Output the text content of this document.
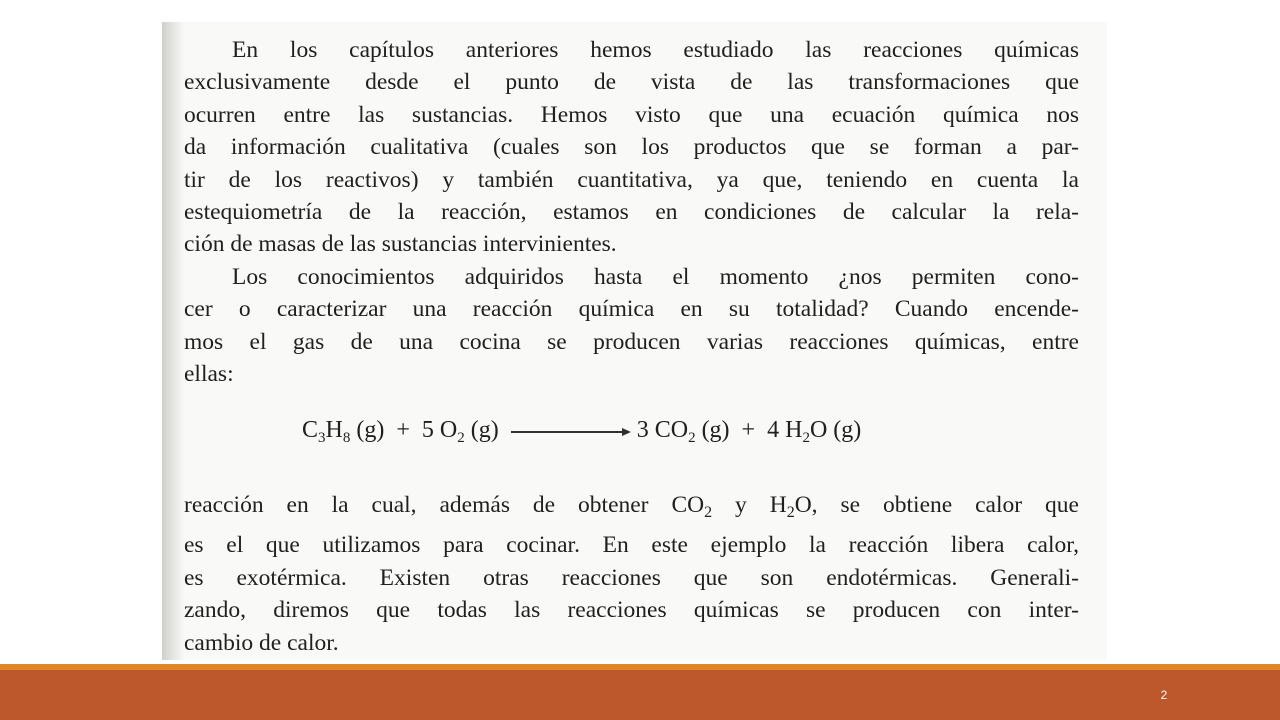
En los capítulos anteriores hemos estudiado las reacciones químicas
exclusivamente desde el punto de vista de las transformaciones que
ocurren entre las sustancias. Hemos visto que una ecuación química nos
da información cualitativa (cuales son los productos que se forman a par-
tir de los reactivos) y también cuantitativa, ya que, teniendo en cuenta la
estequiometría de la reacción, estamos en condiciones de calcular la rela-
ción de masas de las sustancias intervinientes.
Los conocimientos adquiridos hasta el momento ¿nos permiten cono-
cer o caracterizar una reacción química en su totalidad? Cuando encende-
mos el gas de una cocina se producen varias reacciones químicas, entre
ellas:
$C_3H_8$ (g) + 5 $O_2$ (g)	3 $CO_2$ (g) + 4 $H_2O$ (g)
reacción en la cual, además de obtener $CO_2$ y $H_2O$, se obtiene calor que
es el que utilizamos para cocinar. En este ejemplo la reacción libera calor,
es exotérmica. Existen otras reacciones que son endotérmicas. Generali-
zando, diremos que todas las reacciones químicas se producen con inter-
cambio de calor.
2
